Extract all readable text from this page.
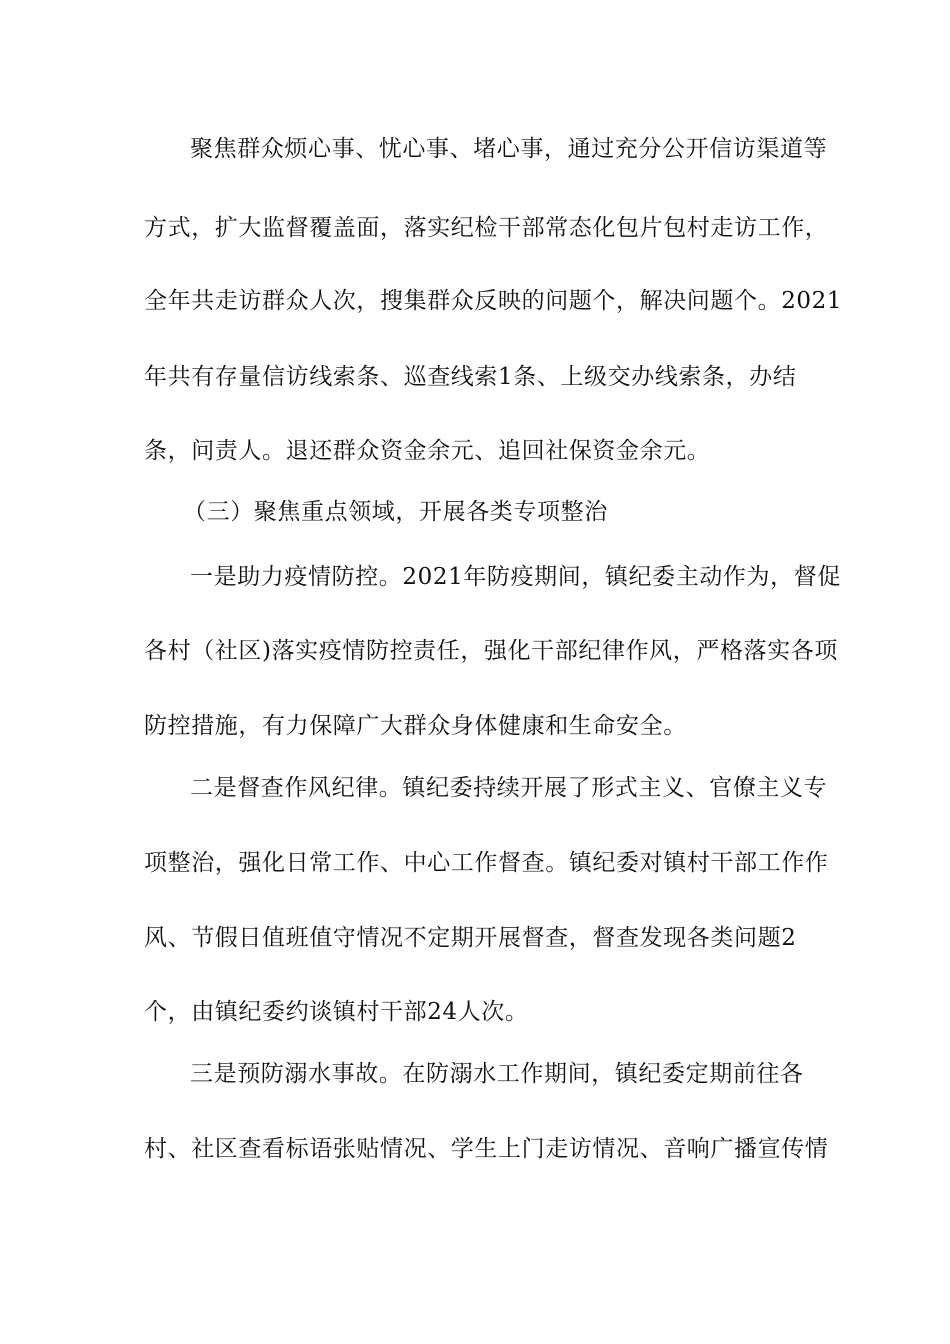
聚焦群众烦心事、忧心事、堵心事，通过充分公开信访渠道等
方式，扩大监督覆盖面，落实纪检干部常态化包片包村走访工作，
全年共走访群众人次，搜集群众反映的问题个，解决问题个。2021
年共有存量信访线索条、巡查线索1条、上级交办线索条，办结
条，问责人。退还群众资金余元、追回社保资金余元。
（三）聚焦重点领域，开展各类专项整治
一是助力疫情防控。2021年防疫期间，镇纪委主动作为，督促
各村（社区)落实疫情防控责任，强化干部纪律作风，严格落实各项
防控措施，有力保障广大群众身体健康和生命安全。
二是督查作风纪律。镇纪委持续开展了形式主义、官僚主义专
项整治，强化日常工作、中心工作督查。镇纪委对镇村干部工作作
风、节假日值班值守情况不定期开展督查，督查发现各类问题2
个，由镇纪委约谈镇村干部24人次。
三是预防溺水事故。在防溺水工作期间，镇纪委定期前往各
村、社区查看标语张贴情况、学生上门走访情况、音响广播宣传情
